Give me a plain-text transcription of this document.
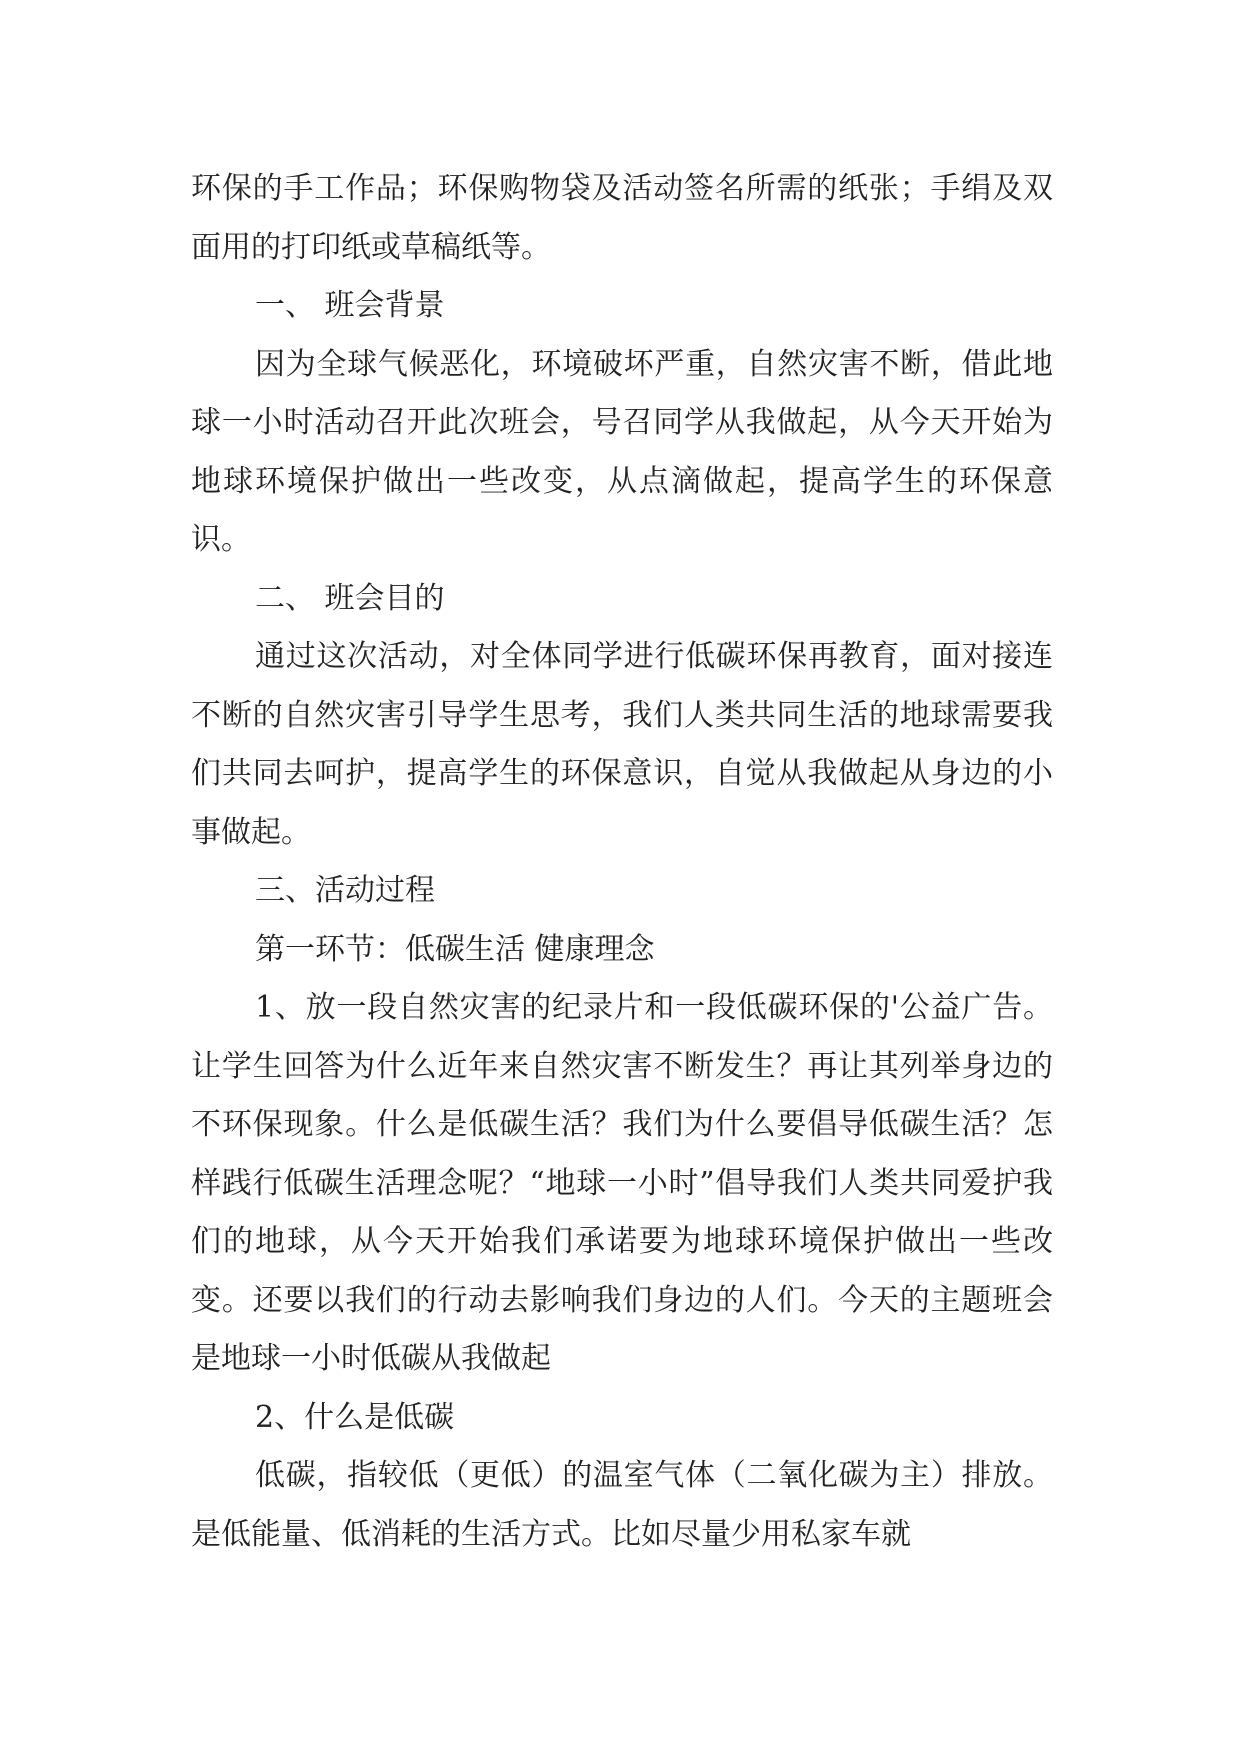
环保的手工作品；环保购物袋及活动签名所需的纸张；手绢及双面用的打印纸或草稿纸等。

一、 班会背景

因为全球气候恶化，环境破坏严重，自然灾害不断，借此地球一小时活动召开此次班会，号召同学从我做起，从今天开始为地球环境保护做出一些改变，从点滴做起，提高学生的环保意识。

二、 班会目的

通过这次活动，对全体同学进行低碳环保再教育，面对接连不断的自然灾害引导学生思考，我们人类共同生活的地球需要我们共同去呵护，提高学生的环保意识，自觉从我做起从身边的小事做起。

三、活动过程

第一环节：低碳生活 健康理念

1、放一段自然灾害的纪录片和一段低碳环保的'公益广告。让学生回答为什么近年来自然灾害不断发生？再让其列举身边的不环保现象。什么是低碳生活？我们为什么要倡导低碳生活？怎样践行低碳生活理念呢？“地球一小时”倡导我们人类共同爱护我们的地球，从今天开始我们承诺要为地球环境保护做出一些改变。还要以我们的行动去影响我们身边的人们。今天的主题班会是地球一小时低碳从我做起

2、什么是低碳

低碳，指较低（更低）的温室气体（二氧化碳为主）排放。是低能量、低消耗的生活方式。比如尽量少用私家车就
